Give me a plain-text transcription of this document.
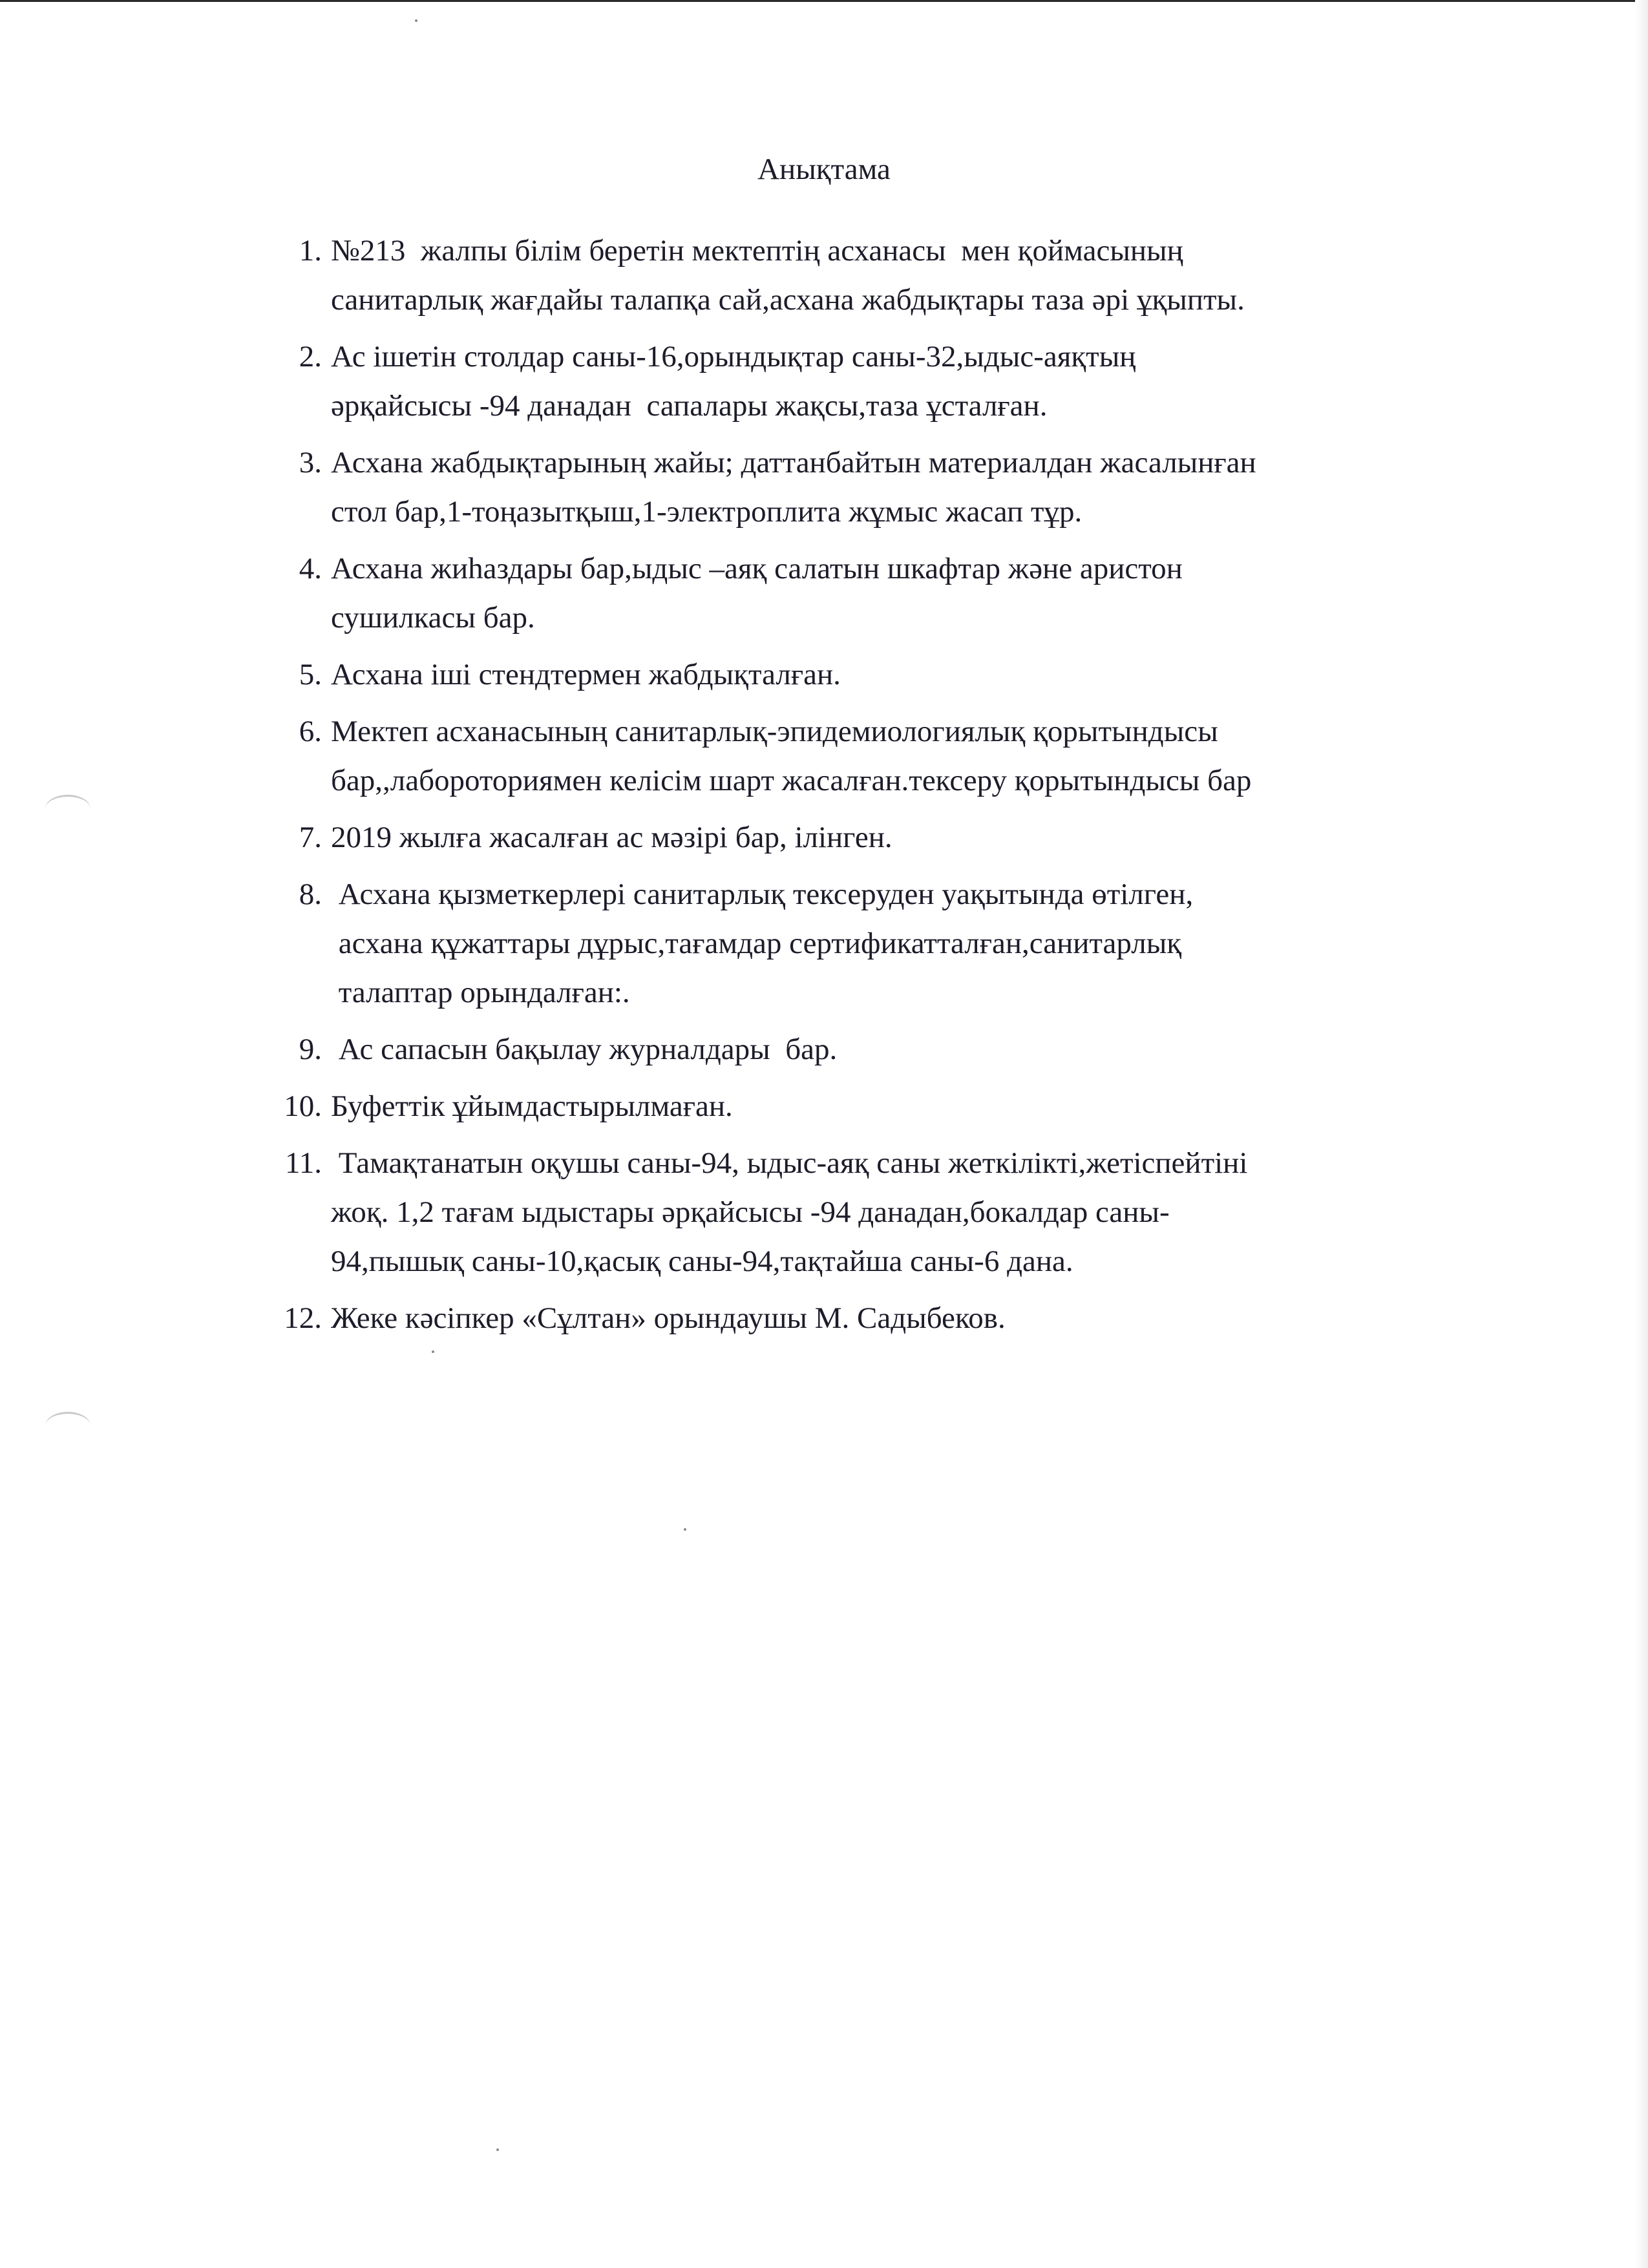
Анықтама
1. №213  жалпы білім беретін мектептің асханасы  мен қоймасының
санитарлық жағдайы талапқа сай,асхана жабдықтары таза әрі ұқыпты.
2. Ас ішетін столдар саны-16,орындықтар саны-32,ыдыс-аяқтың
әрқайсысы -94 данадан  сапалары жақсы,таза ұсталған.
3. Асхана жабдықтарының жайы; даттанбайтын материалдан жасалынған
стол бар,1-тоңазытқыш,1-электроплита жұмыс жасап тұр.
4. Асхана жиһаздары бар,ыдыс –аяқ салатын шкафтар және аристон
сушилкасы бар.
5. Асхана іші стендтермен жабдықталған.
6. Мектеп асханасының санитарлық-эпидемиологиялық қорытындысы
бар,,лабороториямен келісім шарт жасалған.тексеру қорытындысы бар
7. 2019 жылға жасалған ас мәзірі бар, ілінген.
8. Асхана қызметкерлері санитарлық тексеруден уақытында өтілген,
асхана құжаттары дұрыс,тағамдар сертификатталған,санитарлық
талаптар орындалған:.
9. Ас сапасын бақылау журналдары  бар.
10. Буфеттік ұйымдастырылмаған.
11. Тамақтанатын оқушы саны-94, ыдыс-аяқ саны жеткілікті,жетіспейтіні
жоқ. 1,2 тағам ыдыстары әрқайсысы -94 данадан,бокалдар саны-
94,пышық саны-10,қасық саны-94,тақтайша саны-6 дана.
12. Жеке кәсіпкер «Сұлтан» орындаушы М. Садыбеков.
